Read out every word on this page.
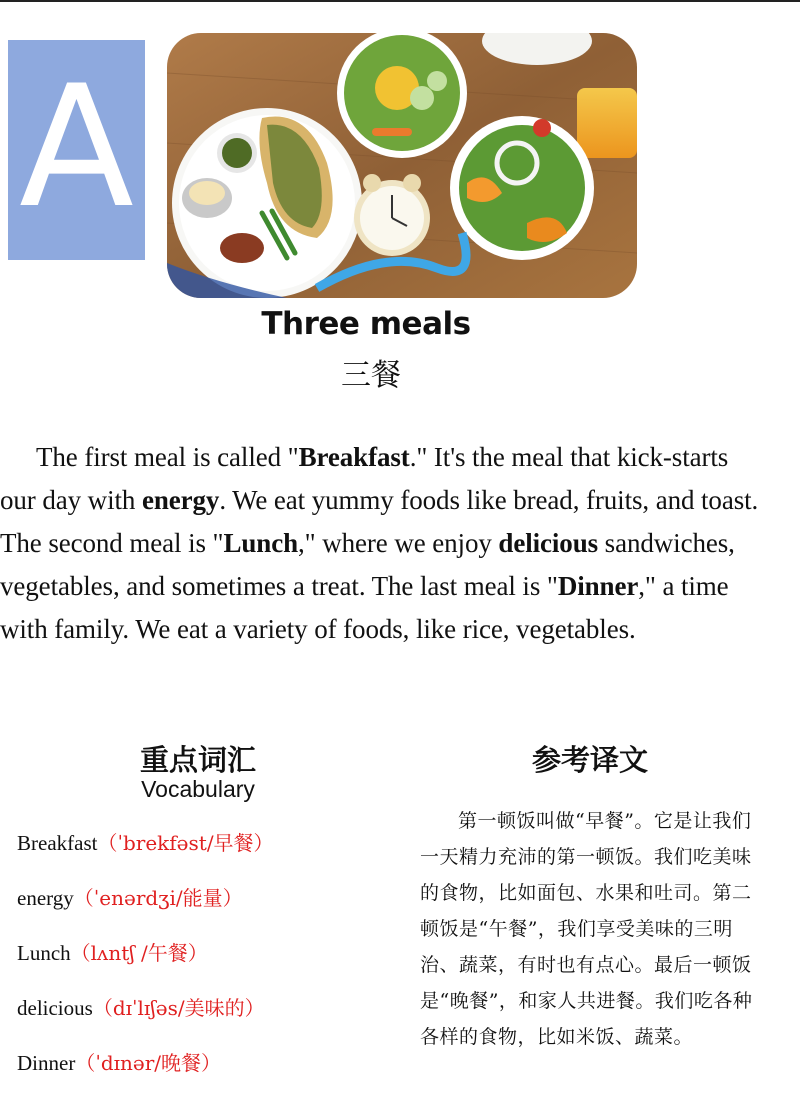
A
Three meals
三餐

The first meal is called "Breakfast." It's the meal that kick-starts our day with energy. We eat yummy foods like bread, fruits, and toast. The second meal is "Lunch," where we enjoy delicious sandwiches, vegetables, and sometimes a treat. The last meal is "Dinner," a time with family. We eat a variety of foods, like rice, vegetables.

重点词汇
Vocabulary
Breakfast（ˈbrekfəst/早餐）
energy（ˈenərdʒi/能量）
Lunch（lʌntʃ /午餐）
delicious（dɪˈlɪʃəs/美味的）
Dinner（ˈdɪnər/晚餐）
参考译文
第一顿饭叫做“早餐”。它是让我们一天精力充沛的第一顿饭。我们吃美味的食物，比如面包、水果和吐司。第二顿饭是“午餐”，我们享受美味的三明治、蔬菜，有时也有点心。最后一顿饭是“晚餐”，和家人共进餐。我们吃各种各样的食物，比如米饭、蔬菜。
